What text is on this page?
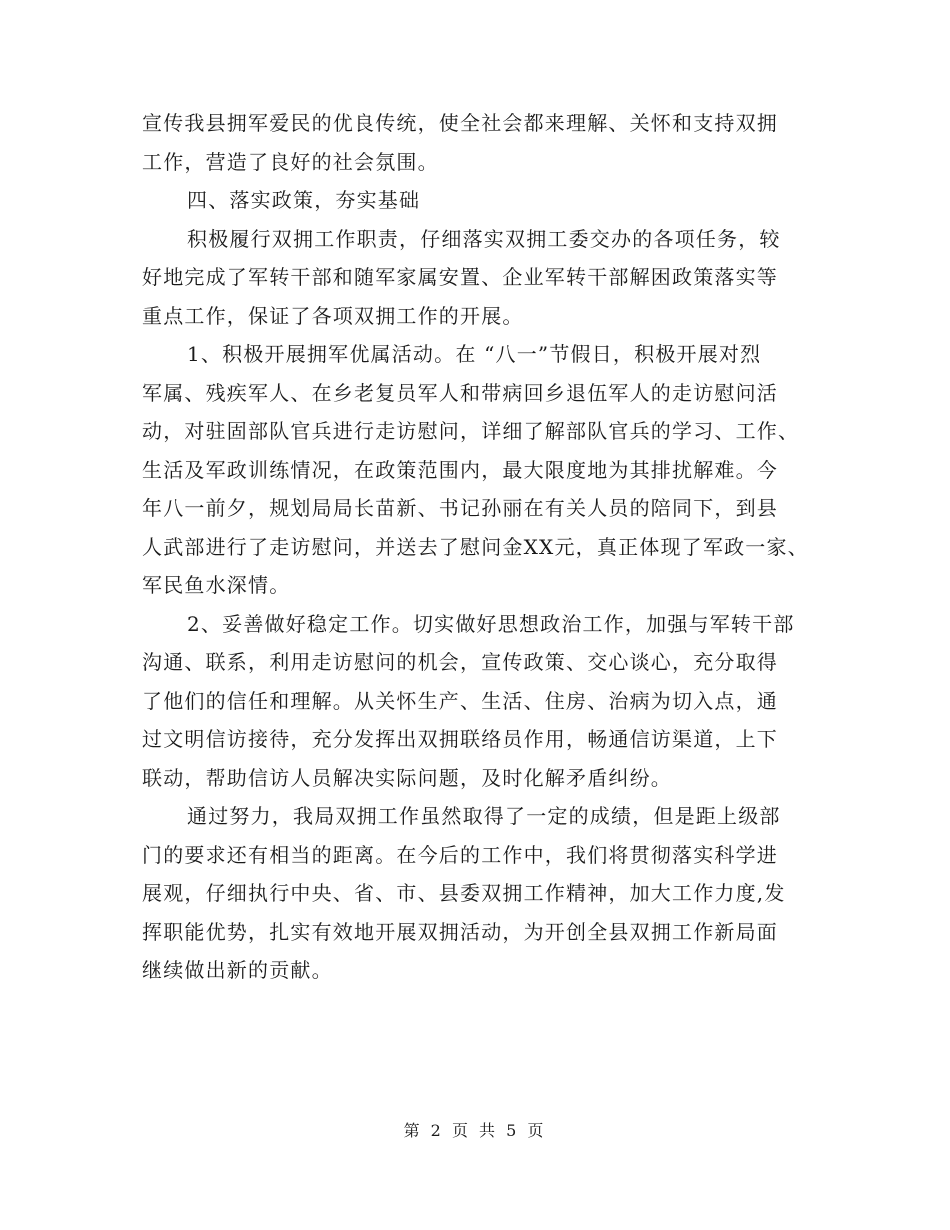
宣传我县拥军爱民的优良传统，使全社会都来理解、关怀和支持双拥
工作，营造了良好的社会氛围。
四、落实政策，夯实基础
积极履行双拥工作职责，仔细落实双拥工委交办的各项任务，较
好地完成了军转干部和随军家属安置、企业军转干部解困政策落实等
重点工作，保证了各项双拥工作的开展。
1、积极开展拥军优属活动。在 “八一”节假日，积极开展对烈
军属、残疾军人、在乡老复员军人和带病回乡退伍军人的走访慰问活
动，对驻固部队官兵进行走访慰问，详细了解部队官兵的学习、工作、
生活及军政训练情况，在政策范围内，最大限度地为其排扰解难。今
年八一前夕，规划局局长苗新、书记孙丽在有关人员的陪同下，到县
人武部进行了走访慰问，并送去了慰问金XX元，真正体现了军政一家、
军民鱼水深情。
2、妥善做好稳定工作。切实做好思想政治工作，加强与军转干部
沟通、联系，利用走访慰问的机会，宣传政策、交心谈心，充分取得
了他们的信任和理解。从关怀生产、生活、住房、治病为切入点，通
过文明信访接待，充分发挥出双拥联络员作用，畅通信访渠道，上下
联动，帮助信访人员解决实际问题，及时化解矛盾纠纷。
通过努力，我局双拥工作虽然取得了一定的成绩，但是距上级部
门的要求还有相当的距离。在今后的工作中，我们将贯彻落实科学进
展观，仔细执行中央、省、市、县委双拥工作精神，加大工作力度,发
挥职能优势，扎实有效地开展双拥活动，为开创全县双拥工作新局面
继续做出新的贡献。
第 2 页 共 5 页
